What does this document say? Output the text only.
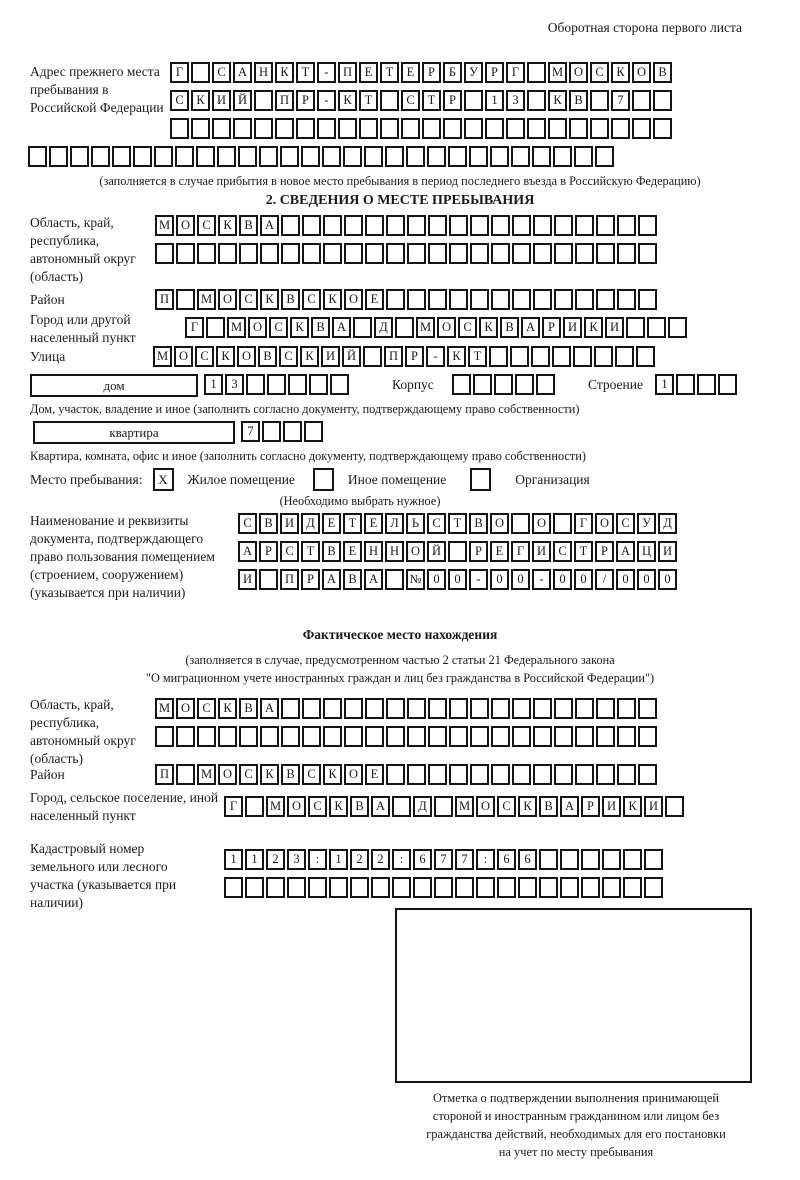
Оборотная сторона первого листа
Адрес прежнего места пребывания в Российской Федерации
Г	С А Н К	Т	-	П	Е	Т	Е	Р	Б	У	Р	Г	М О С	К О В
С	К И Й	П	Р	-	К	Т	С	Т	Р	1	3	К	В	7
(заполняется в случае прибытия в новое место пребывания в период последнего въезда в Российскую Федерацию)
2. СВЕДЕНИЯ О МЕСТЕ ПРЕБЫВАНИЯ
Область, край, республика, автономный округ (область)
М О С	К	В А
Район	П	М О С	К	В	С	К О	Е
Город или другой населенный пункт
Г	М О С	К	В А	Д	М О С	К	В А	Р	И К И
Улица	М О С	К О В	С	К И Й	П	Р	-	К	Т
дом	1	3	Корпус	Строение	1
Дом, участок, владение и иное (заполнить согласно документу, подтверждающему право собственности)
квартира	7
Квартира, комната, офис и иное (заполнить согласно документу, подтверждающему право собственности)
Место пребывания:	X	Жилое помещение	Иное помещение	Организация
(Необходимо выбрать нужное)
Наименование и реквизиты документа, подтверждающего право пользования помещением (строением, сооружением) (указывается при наличии)
С	В И Д	Е	Т	Е	Л	Ь	С	Т	В О	О	Г	О С У Д
А	Р	С	Т	В	Е	Н Н О Й	Р	Е	Г	И С	Т	Р	А Ц И
И	П	Р	А В А	№ 0	0	-	0	0	-	0	0	/	0	0	0
Фактическое место нахождения
(заполняется в случае, предусмотренном частью 2 статьи 21 Федерального закона
"О миграционном учете иностранных граждан и лиц без гражданства в Российской Федерации")
Область, край, республика, автономный округ (область)
М О С	К	В А
Район	П	М О С	К	В	С	К О	Е
Город, сельское поселение, иной населенный пункт
Г	М О С	К	В А	Д	М О С	К	В А	Р	И К И
Кадастровый номер земельного или лесного участка (указывается при наличии)
1	1	2	3	:	1	2	2	:	6	7	7	:	6	6
Отметка о подтверждении выполнения принимающей
стороной и иностранным гражданином или лицом без
гражданства действий, необходимых для его постановки
на учет по месту пребывания
